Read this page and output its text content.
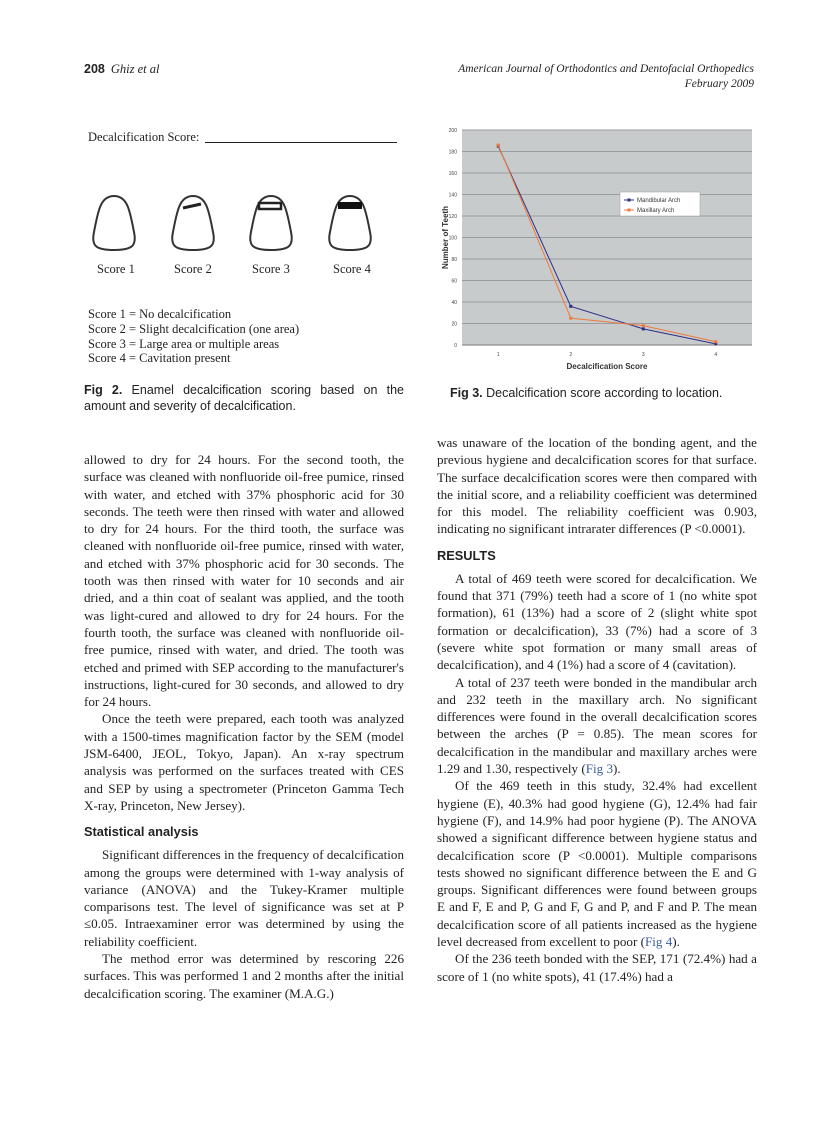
208 Ghiz et al	American Journal of Orthodontics and Dentofacial Orthopedics
February 2009
Decalcification Score:
Score 1	Score 2	Score 3	Score 4
Score 1 = No decalcification
Score 2 = Slight decalcification (one area)
Score 3 = Large area or multiple areas
Score 4 = Cavitation present
Fig 2. Enamel decalcification scoring based on the amount and severity of decalcification.
0
20
40
60
80
100
120
140
160
180
200
1	2	3	4
Decalcification Score
Number of Teeth
Mandibular Arch
Maxillary Arch
Fig 3. Decalcification score according to location.

allowed to dry for 24 hours. For the second tooth, the surface was cleaned with nonfluoride oil-free pumice, rinsed with water, and etched with 37% phosphoric acid for 30 seconds. The teeth were then rinsed with water and allowed to dry for 24 hours. For the third tooth, the surface was cleaned with nonfluoride oil-free pumice, rinsed with water, and etched with 37% phosphoric acid for 30 seconds. The tooth was then rinsed with water for 10 seconds and air dried, and a thin coat of sealant was applied, and the tooth was light-cured and allowed to dry for 24 hours. For the fourth tooth, the surface was cleaned with nonfluoride oil-free pumice, rinsed with water, and dried. The tooth was etched and primed with SEP according to the manufacturer's instructions, light-cured for 30 seconds, and allowed to dry for 24 hours.

Once the teeth were prepared, each tooth was analyzed with a 1500-times magnification factor by the SEM (model JSM-6400, JEOL, Tokyo, Japan). An x-ray spectrum analysis was performed on the surfaces treated with CES and SEP by using a spectrometer (Princeton Gamma Tech X-ray, Princeton, New Jersey).

Statistical analysis

Significant differences in the frequency of decalcification among the groups were determined with 1-way analysis of variance (ANOVA) and the Tukey-Kramer multiple comparisons test. The level of significance was set at P ≤0.05. Intraexaminer error was determined by using the reliability coefficient.

The method error was determined by rescoring 226 surfaces. This was performed 1 and 2 months after the initial decalcification scoring. The examiner (M.A.G.)

was unaware of the location of the bonding agent, and the previous hygiene and decalcification scores for that surface. The surface decalcification scores were then compared with the initial score, and a reliability coefficient was determined for this model. The reliability coefficient was 0.903, indicating no significant intrarater differences (P <0.0001).

RESULTS

A total of 469 teeth were scored for decalcification. We found that 371 (79%) teeth had a score of 1 (no white spot formation), 61 (13%) had a score of 2 (slight white spot formation or decalcification), 33 (7%) had a score of 3 (severe white spot formation or many small areas of decalcification), and 4 (1%) had a score of 4 (cavitation).

A total of 237 teeth were bonded in the mandibular arch and 232 teeth in the maxillary arch. No significant differences were found in the overall decalcification scores between the arches (P = 0.85). The mean scores for decalcification in the mandibular and maxillary arches were 1.29 and 1.30, respectively (Fig 3).

Of the 469 teeth in this study, 32.4% had excellent hygiene (E), 40.3% had good hygiene (G), 12.4% had fair hygiene (F), and 14.9% had poor hygiene (P). The ANOVA showed a significant difference between hygiene status and decalcification score (P <0.0001). Multiple comparisons tests showed no significant difference between the E and G groups. Significant differences were found between groups E and F, E and P, G and F, G and P, and F and P. The mean decalcification score of all patients increased as the hygiene level decreased from excellent to poor (Fig 4).

Of the 236 teeth bonded with the SEP, 171 (72.4%) had a score of 1 (no white spots), 41 (17.4%) had a
